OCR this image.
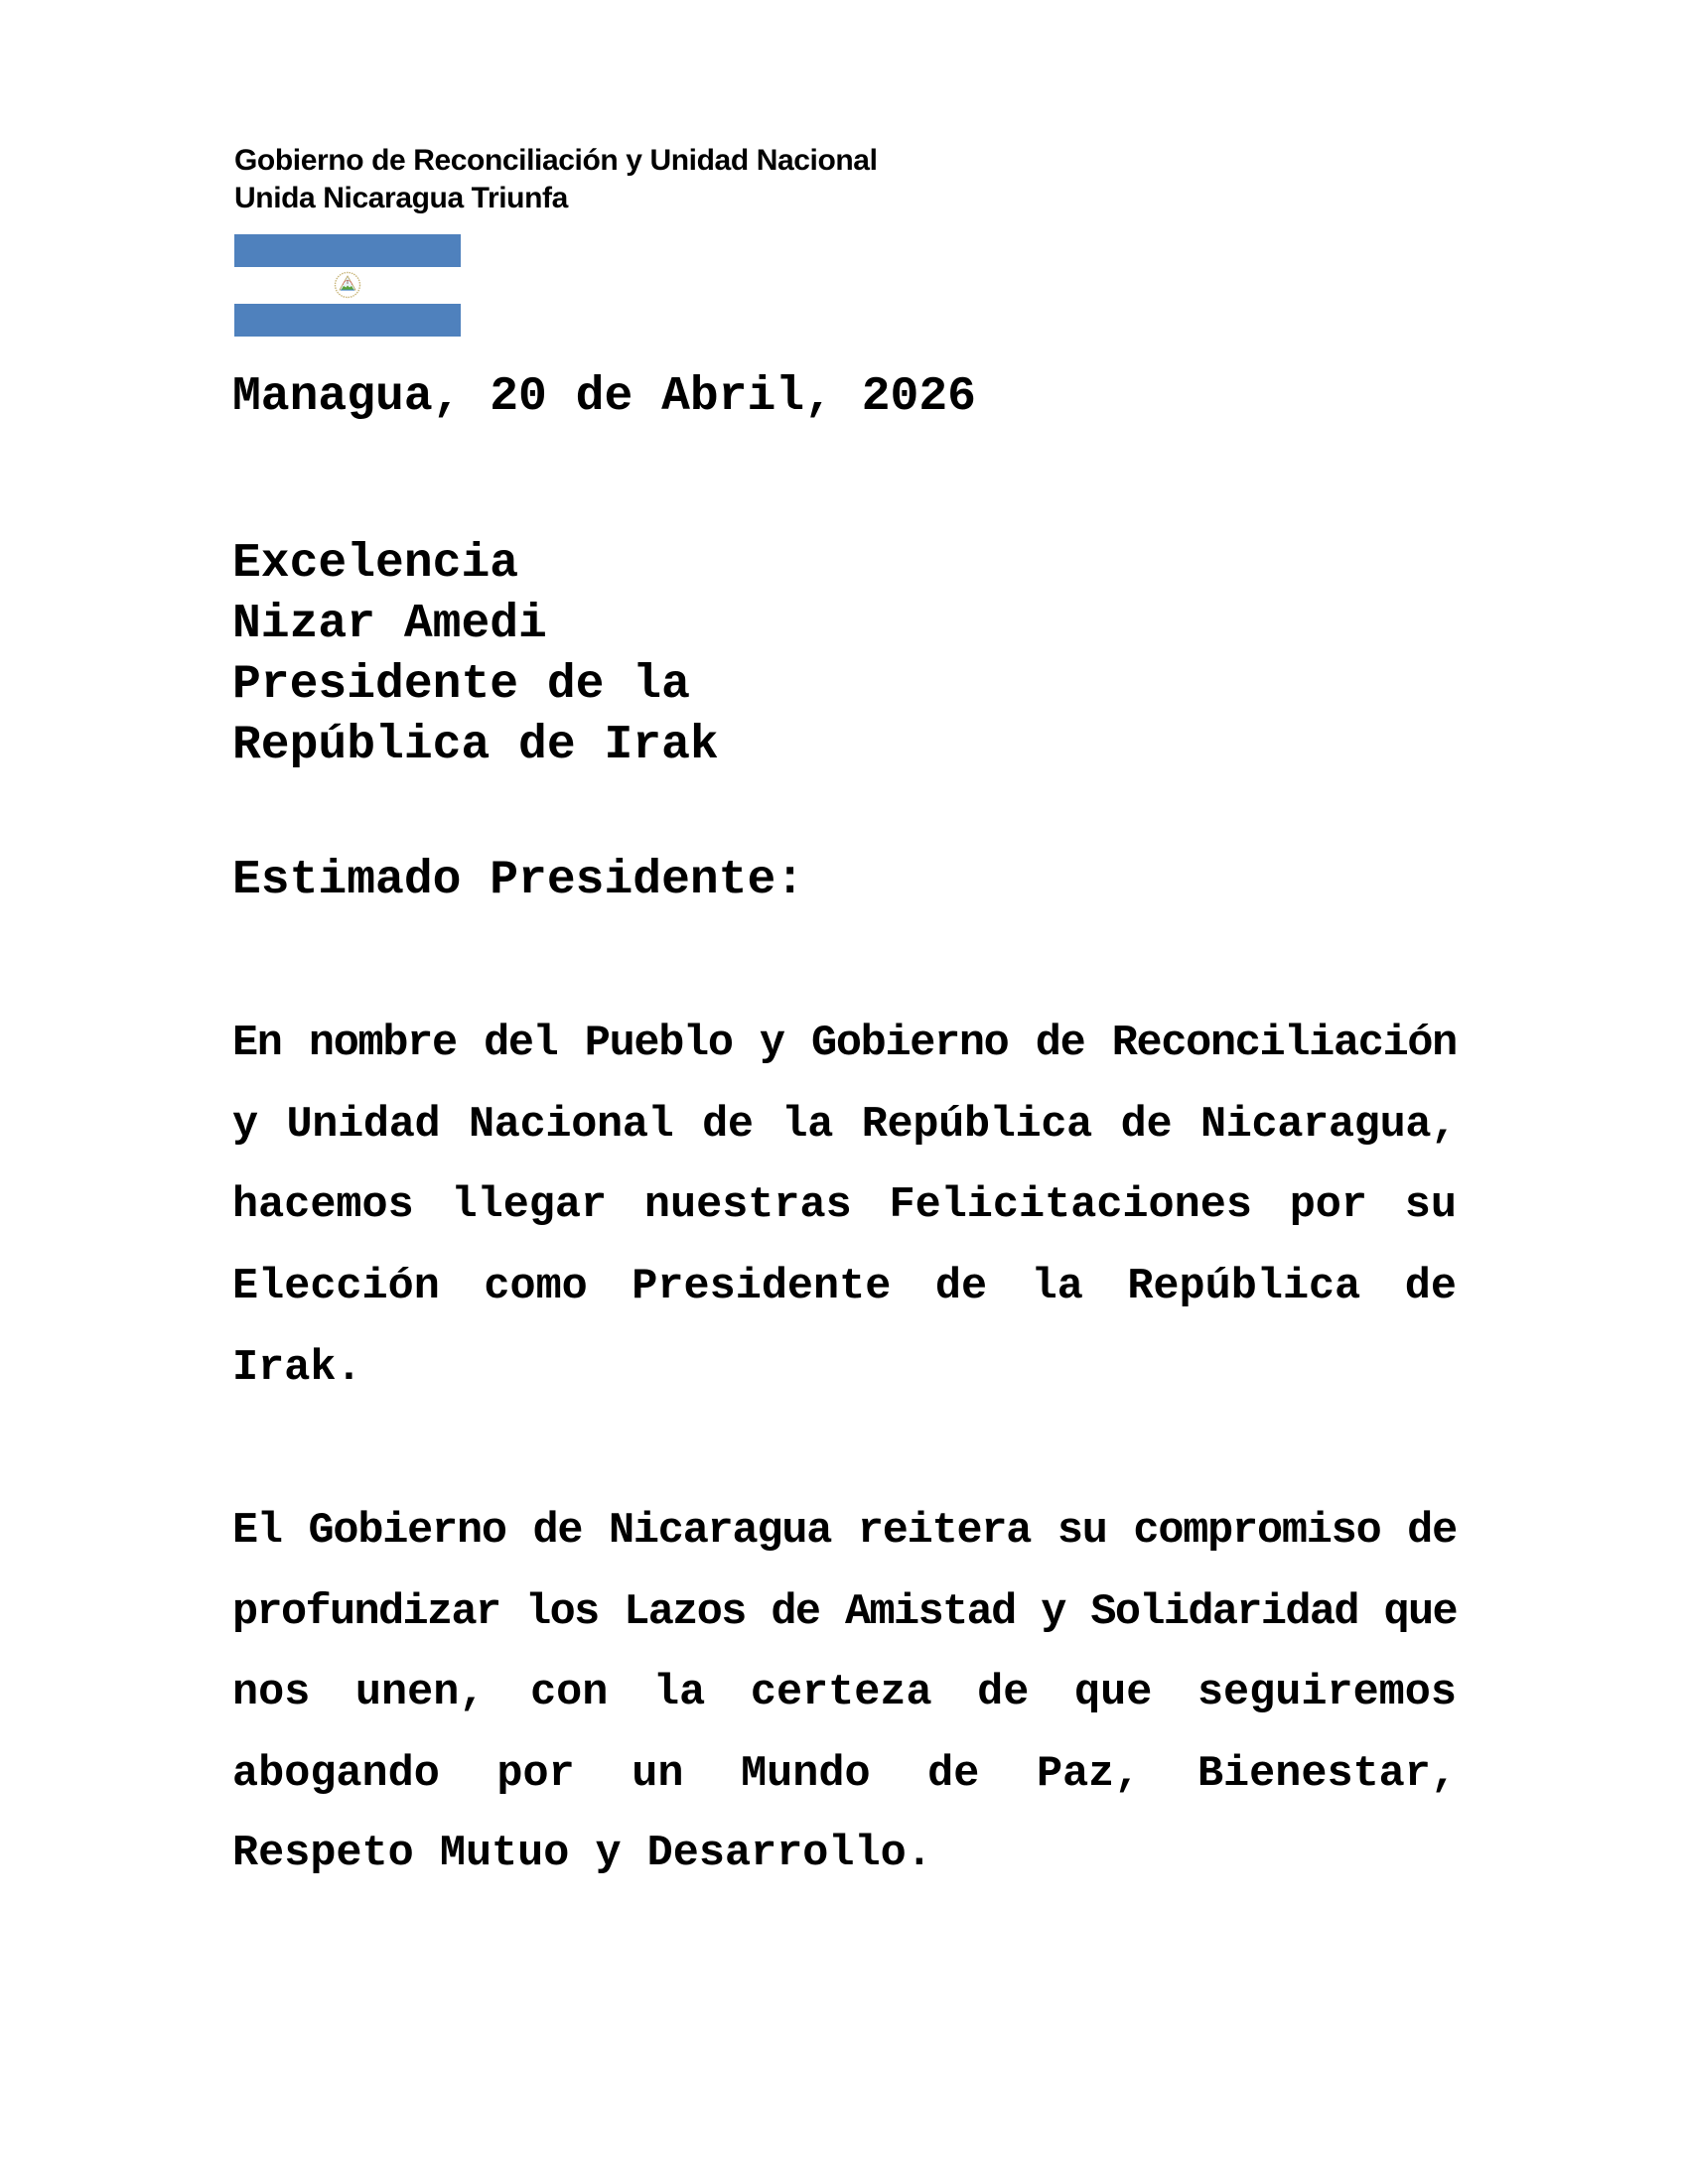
Gobierno de Reconciliación y Unidad Nacional
Unida Nicaragua Triunfa
Managua, 20 de Abril, 2026
Excelencia
Nizar Amedi
Presidente de la
República de Irak
Estimado Presidente:
En nombre del Pueblo y Gobierno de Reconciliación
y Unidad Nacional de la República de Nicaragua,
hacemos llegar nuestras Felicitaciones por su
Elección como Presidente de la República de
Irak.
El Gobierno de Nicaragua reitera su compromiso de
profundizar los Lazos de Amistad y Solidaridad que
nos unen, con la certeza de que seguiremos
abogando por un Mundo de Paz, Bienestar,
Respeto Mutuo y Desarrollo.
